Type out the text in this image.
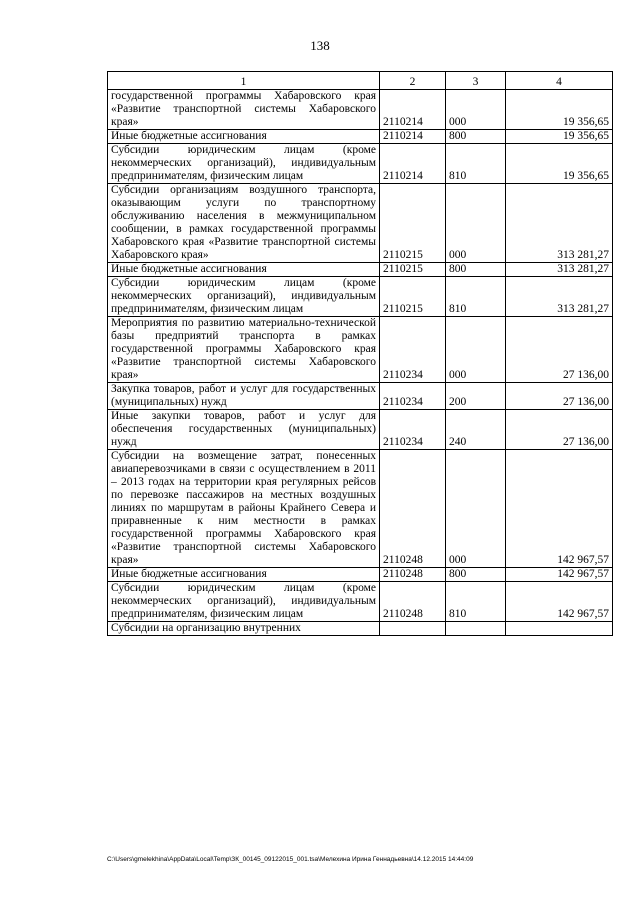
138
1	2	3	4
государственной программы Хабаровского края «Развитие транспортной системы Хабаровского края»	2110214	000	19 356,65
Иные бюджетные ассигнования	2110214	800	19 356,65
Субсидии юридическим лицам (кроме некоммерческих организаций), индивидуальным предпринимателям, физическим лицам	2110214	810	19 356,65
Субсидии организациям воздушного транспорта, оказывающим услуги по транспортному обслуживанию населения в межмуниципальном сообщении, в рамках государственной программы Хабаровского края «Развитие транспортной системы Хабаровского края»	2110215	000	313 281,27
Иные бюджетные ассигнования	2110215	800	313 281,27
Субсидии юридическим лицам (кроме некоммерческих организаций), индивидуальным предпринимателям, физическим лицам	2110215	810	313 281,27
Мероприятия по развитию материально-технической базы предприятий транспорта в рамках государственной программы Хабаровского края «Развитие транспортной системы Хабаровского края»	2110234	000	27 136,00
Закупка товаров, работ и услуг для государственных (муниципальных) нужд	2110234	200	27 136,00
Иные закупки товаров, работ и услуг для обеспечения государственных (муниципальных) нужд	2110234	240	27 136,00
Субсидии на возмещение затрат, понесенных авиаперевозчиками в связи с осуществлением в 2011 – 2013 годах на территории края регулярных рейсов по перевозке пассажиров на местных воздушных линиях по маршрутам в районы Крайнего Севера и приравненные к ним местности в рамках государственной программы Хабаровского края «Развитие транспортной системы Хабаровского края»	2110248	000	142 967,57
Иные бюджетные ассигнования	2110248	800	142 967,57
Субсидии юридическим лицам (кроме некоммерческих организаций), индивидуальным предпринимателям, физическим лицам	2110248	810	142 967,57
Субсидии на организацию внутренних			
C:\Users\gmelekhina\AppData\Local\Temp\ЗК_00145_09122015_001.tsa\Мелехина Ирина Геннадьевна\14.12.2015 14:44:09
